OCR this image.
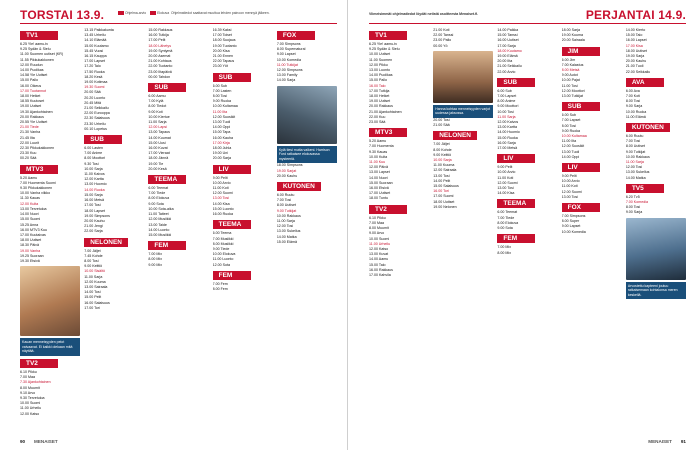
TORSTAI 13.9.	Ohjelma-arvio	Elokuva Ohjelmatiedot saattavat muuttua lehden painoon mennyä jälkeen.
TV1
6.25 Yle! aamu-tv
9.25 Sydän & Sielu
11.00 Suomen uutiset (KR)
11.55 Pikkukakkonen
12.00 Ruudun
14.00 Puolikas
14.58 Yle Uutiset
15.00 Pallo
16.00 Oikeus
17.00 Tuotannot
18.00 Hetket
18.55 Kuutoset
19.00 Uutiset
19.30 Ajankohtainen
20.00 Rakkaus
20.55 Yle Uutiset
21.00 Tiede
21.30 Vanha
21.45 Ilta
22.00 Luurit
22.30 Pikkukakkonen
23.30 Kuu
00.20 Sää
MTV3
5.20 Aamu
7.00 Huomenta Suomi
9.30 Pikkukakkonen
10.00 Vanha viikko
11.30 Kauas
12.00 Kulta
13.00 Tervetuloa
14.00 Nuori
15.00 Suomi
15.25 Anna
16.00 MTV3 Kuu
17.00 Kuutaivas
18.00 Uutiset
18.30 Päivä
19.00 Vanha
19.25 Suoraan
19.30 Etsivä
Kauan menneisyyden pelot vaivaavat. Ei kaikki olekaan mitä näyttää.
TV2
6.10 Pikku
7.00 Maa
7.30 Ajankohtainen
8.00 Muumit
9.10 Arvo
9.30 Tervetuloa
10.00 Suomi
11.00 Urheilu
12.00 Katso
13.15 Paikkakunta
13.45 Urheilu
14.10 Elämää
15.00 Kuutamo
15.45 Vuosi
16.15 Kauppa
17.00 Lapset
17.20 Talo
17.50 Ruoka
18.20 Kesä
19.00 Kotimaa
19.30 Suomi
20.00 Sää
20.20 Luonto
20.45 Mitä
21.00 Seikkailu
22.00 Eurooppa
22.30 Salaisuus
23.30 Urheilu
00.10 Lopetus
SUB
6.00 Lasten
7.00 Anime
8.00 Moottori
9.30 Tosi
10.00 Sarja
11.00 Kaivos
12.00 Kartta
13.00 Huomio
14.00 Ruoka
15.00 Sarja
16.00 Metsä
17.00 Tosi
18.00 Lapset
19.00 Simpsons
20.00 Kauhu
21.00 Jengi
22.00 Sarja
NELONEN
7.00 Jäljet
7.45 Kohde
8.00 Tosi
9.00 Keittiö
10.00 Sisältö
11.00 Sarja
12.00 Kuuma
13.00 Sairaala
14.00 Tosi
15.00 Pelit
16.00 Salaisuus
17.00 Tori
15.00 Rakkaus
16.00 Tutkija
17.00 Pelit
18.00 Lähetys
19.00 Syntymä
20.00 Asemat
21.00 Kohtaus
22.00 Tuotanto
23.00 Iltapäivä
00.00 Tahdon
SUB
6.00 Aamu
7.00 Kylä
8.00 Tiedot
9.00 Koti
10.00 Kiertue
11.00 Sarja
12.00 Lapsi
13.00 Tapaus
14.00 Kuumat
15.00 Uusi
16.00 Kuvat
17.00 Vieraat
18.00 Jännä
19.00 Tie
20.00 Kesä
TEEMA
6.00 Teemat
7.00 Tiede
8.00 Elokuva
9.00 Sota
10.00 Sota-aika
11.00 Taiteet
12.00 Musiikki
13.00 Taide
14.00 Luonto
15.00 Musiikki
FEM
7.00 Mix
8.00 Mix
9.00 Mix
16.39 Kaksi
17.00 Toiset
18.00 Suojaus
19.00 Tuotanto
20.00 Kisa
21.00 Ennen
22.00 Tapaus
23.00 Yöt
SUB
6.00 Sub
7.00 Lasten
8.00 Tosi
9.00 Ruoka
10.00 Kultamaa
11.00 Ilta
12.00 Suosikit
13.00 Tuoli
14.00 Oppi
15.00 Tapa
16.00 Kauha
17.00 Kirja
18.00 Juhla
19.00 Uni
20.00 Sarja
LIV
9.00 Pelit
10.00 Arvio
11.00 Koti
12.00 Suomi
13.00 Tosi
14.00 Kisa
15.00 Luonto
16.00 Ruoka
TEEMA
6.00 Teema
7.00 Musiikki
8.00 Musiikki
9.00 Tiede
10.00 Elokuva
11.00 Luonto
12.00 Sota
FEM
7.00 Fem
8.00 Fem
FOX
7.00 Simpsons
8.00 Supernatural
9.00 Lapset
10.00 Komedia
11.00 Tutkijat
12.00 Simpsons
13.00 Family
14.00 Sarja
Kylä tiesi mutta vaikeni. Harrison Ford ratkaisee elokuvassa mysteeriä.
18.00 Simpsons
19.00 Sarjat
20.00 Kauhu
KUTONEN
6.00 Ruutu
7.00 Tosi
8.00 Uutiset
9.00 Tutkijat
10.00 Rakkaus
11.00 Sarja
12.00 Tosi
13.00 Sukellus
14.00 Matka
15.00 Elämä
90 MENAISET
Viimeisimmät ohjelmatiedot löydät netistä osoitteesta Menaiset.fi.	PERJANTAI 14.9.
TV1
6.25 Yle! aamu-tv
9.25 Sydän & Sielu
10.00 Uutiset
11.00 Suomen
12.00 Pikku
13.00 Luonto
14.00 Puolikas
15.00 Pallo
16.00 Talo
17.00 Tutkija
18.00 Hetket
19.00 Uutiset
20.00 Rakkaus
21.00 Ajankohtainen
22.00 Kuu
23.00 Sää
MTV3
5.20 Aamu
7.00 Huomenta
9.30 Kauas
10.00 Kulta
11.00 Kuu
12.00 Päivä
13.00 Lapset
14.00 Nuori
15.00 Suoraan
16.00 Etsivä
17.00 Uutiset
18.00 Tuntu
TV2
6.10 Pikku
7.00 Maa
8.00 Muumit
9.00 Arvo
10.00 Suomi
11.00 Urheilu
12.00 Katso
13.00 Kuvat
14.00 Aamu
15.00 Talo
16.00 Rakkaus
17.00 Kahvila
21.00 Koti
22.00 Tanssi
23.00 Pallo
00.00 Yö
Hanna kohtaa menneisyyden varjot uudessa jaksossa.
20.00 Tosi
21.00 Sää
NELONEN
7.00 Jäljet
8.00 Kohde
9.00 Keittiö
10.00 Sarja
11.00 Kuuma
12.00 Sairaala
13.00 Tosi
14.00 Pelit
15.00 Salaisuus
16.00 Tori
17.00 Suomi
18.00 Uutiset
19.00 Nelonen
14.00 Paikka
15.00 Tanssi
16.00 Uutiset
17.00 Sarja
18.00 Kuutamo
19.00 Elämä
20.00 Ilta
21.00 Seikkailu
22.00 Arvio
SUB
6.00 Sub
7.00 Lapset
8.00 Anime
9.00 Moottori
10.00 Tosi
11.00 Sarja
12.00 Kaivos
13.00 Kartta
14.00 Huomio
15.00 Ruoka
16.00 Sarja
17.00 Metsä
LIV
9.00 Pelit
10.00 Arvio
11.00 Koti
12.00 Suomi
13.00 Tosi
14.00 Kisa
TEEMA
6.00 Teemat
7.00 Tiede
8.00 Elokuva
9.00 Sota
FEM
7.00 Mix
8.00 Mix
18.00 Sarja
19.00 Kuuma
20.00 Sairaala
JIM
6.00 Jim
7.00 Kalastus
8.00 Metsä
9.00 Autot
10.00 Pajat
11.00 Tosi
12.00 Moottori
13.00 Tutkijat
SUB
6.00 Sub
7.00 Lapset
8.00 Tosi
9.00 Ruoka
10.00 Kultamaa
11.00 Ilta
12.00 Suosikit
13.00 Tuoli
14.00 Oppi
LIV
9.00 Pelit
10.00 Arvio
11.00 Koti
12.00 Suomi
13.00 Tosi
FOX
7.00 Simpsons
8.00 Super
9.00 Lapset
10.00 Komedia
14.00 Kierto
15.00 Talo
16.00 Lapset
17.00 Kisa
18.00 Uutiset
19.00 Sarja
20.00 Kauhu
21.00 Tuoli
22.00 Seikkailu
AVA
6.00 Ava
7.00 Koti
8.00 Tosi
9.00 Sarja
10.00 Ruoka
11.00 Elämä
KUTONEN
6.00 Ruutu
7.00 Tosi
8.00 Uutiset
9.00 Tutkijat
10.00 Rakkaus
11.00 Sarja
12.00 Tosi
13.00 Sukellus
14.00 Matka
TV5
6.20 Tv5
7.00 Komedia
8.00 Tosi
9.00 Sarja
Arvostettu kapteeni joutuu ratkaisemaan kohtalonsa meren keskellä.
MENAISET 91
